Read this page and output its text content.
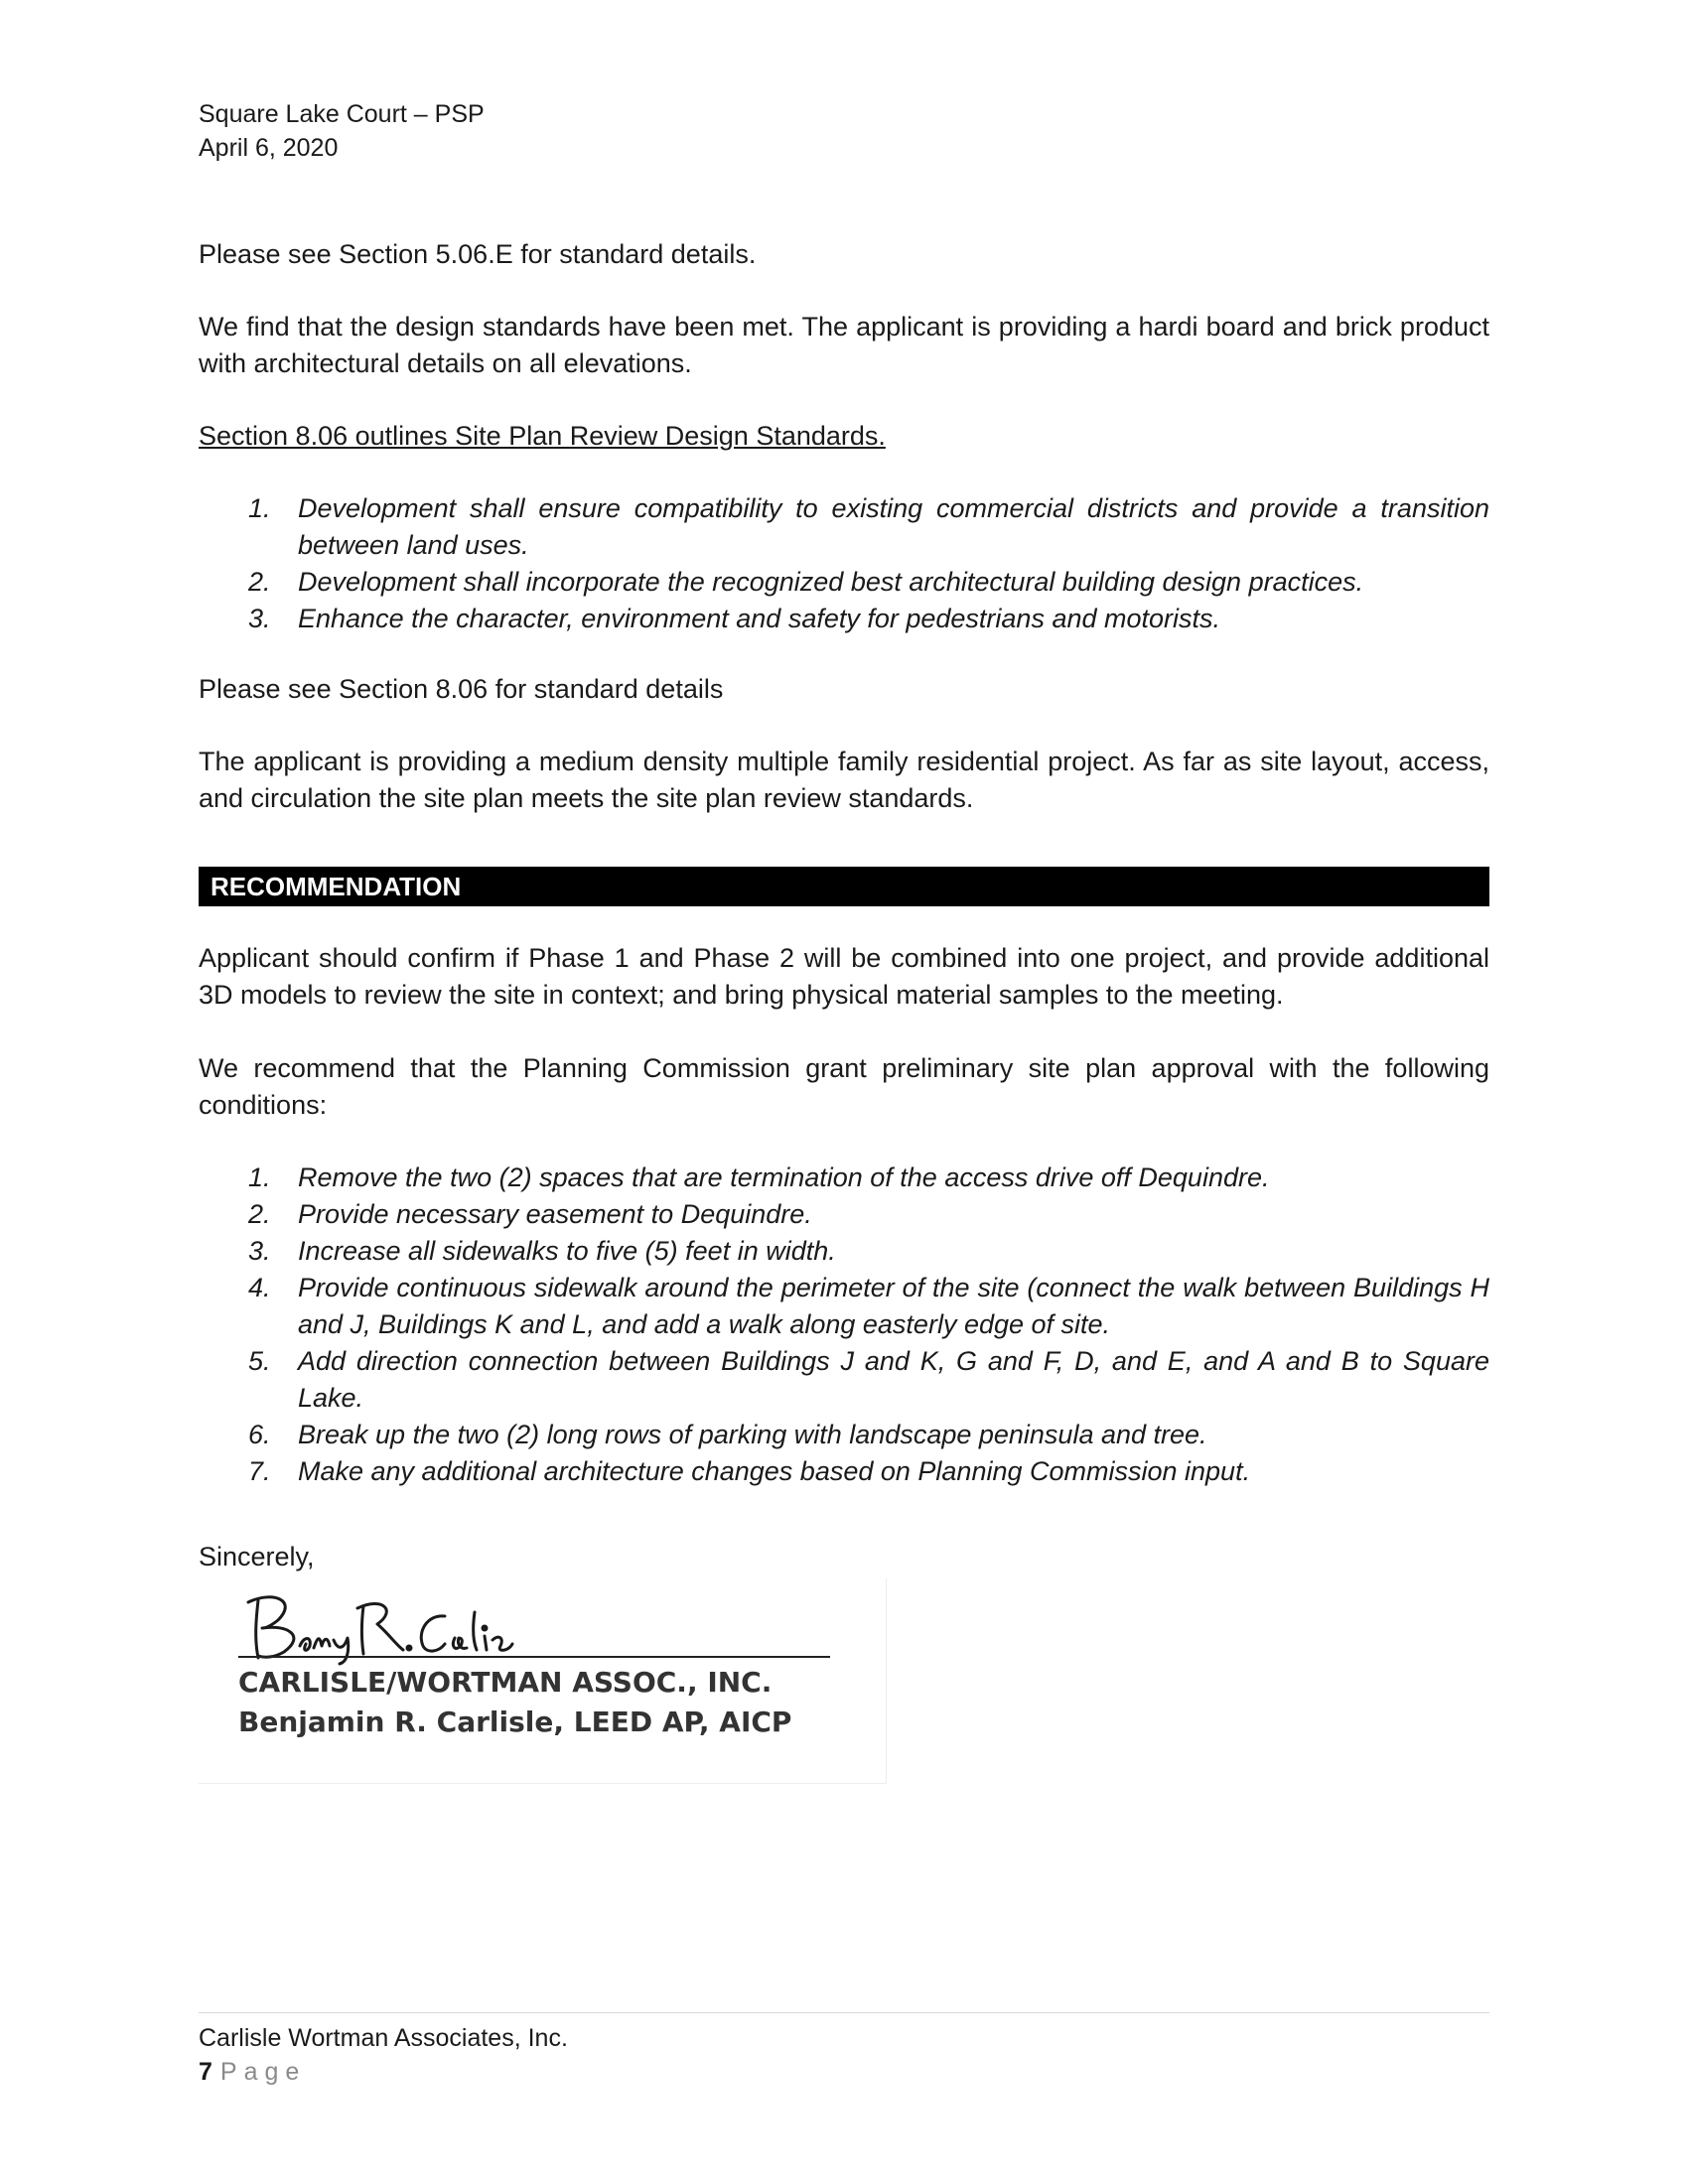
Square Lake Court – PSP
April 6, 2020

Please see Section 5.06.E for standard details.

We find that the design standards have been met. The applicant is providing a hardi board and brick product with architectural details on all elevations.

Section 8.06 outlines Site Plan Review Design Standards.

1. Development shall ensure compatibility to existing commercial districts and provide a transition between land uses.
2. Development shall incorporate the recognized best architectural building design practices.
3. Enhance the character, environment and safety for pedestrians and motorists.

Please see Section 8.06 for standard details

The applicant is providing a medium density multiple family residential project. As far as site layout, access, and circulation the site plan meets the site plan review standards.

RECOMMENDATION

Applicant should confirm if Phase 1 and Phase 2 will be combined into one project, and provide additional 3D models to review the site in context; and bring physical material samples to the meeting.

We recommend that the Planning Commission grant preliminary site plan approval with the following conditions:

1. Remove the two (2) spaces that are termination of the access drive off Dequindre.
2. Provide necessary easement to Dequindre.
3. Increase all sidewalks to five (5) feet in width.
4. Provide continuous sidewalk around the perimeter of the site (connect the walk between Buildings H and J, Buildings K and L, and add a walk along easterly edge of site.
5. Add direction connection between Buildings J and K, G and F, D, and E, and A and B to Square Lake.
6. Break up the two (2) long rows of parking with landscape peninsula and tree.
7. Make any additional architecture changes based on Planning Commission input.

Sincerely,

CARLISLE/WORTMAN ASSOC., INC.
Benjamin R. Carlisle, LEED AP, AICP
Carlisle Wortman Associates, Inc.
7 Page
